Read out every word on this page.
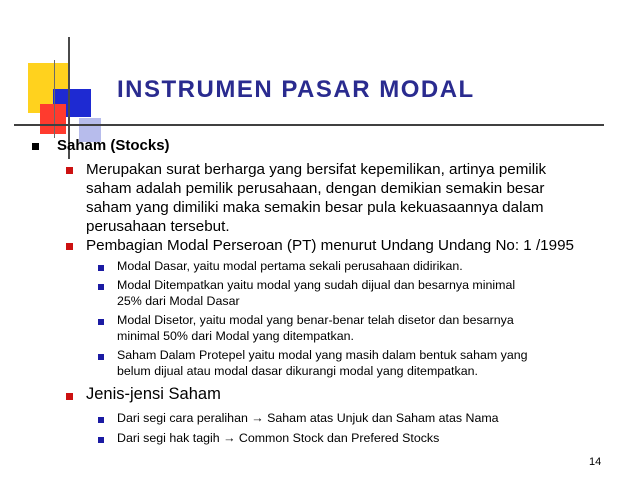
INSTRUMEN PASAR MODAL
Saham (Stocks)
Merupakan surat berharga yang bersifat kepemilikan, artinya pemilik
saham adalah pemilik perusahaan, dengan demikian semakin besar
saham yang dimiliki maka semakin besar pula kekuasaannya dalam
perusahaan tersebut.
Pembagian Modal Perseroan (PT) menurut Undang Undang No: 1 /1995
Modal Dasar, yaitu modal pertama sekali perusahaan didirikan.
Modal Ditempatkan yaitu modal yang sudah dijual dan besarnya minimal
25% dari Modal Dasar
Modal Disetor, yaitu modal yang benar-benar telah disetor dan besarnya
minimal 50% dari Modal yang ditempatkan.
Saham Dalam Protepel yaitu modal yang masih dalam bentuk saham yang
belum dijual atau modal dasar dikurangi modal yang ditempatkan.
Jenis-jensi Saham
Dari segi cara peralihan → Saham atas Unjuk dan Saham atas Nama
Dari segi hak tagih → Common Stock dan Prefered Stocks
14
